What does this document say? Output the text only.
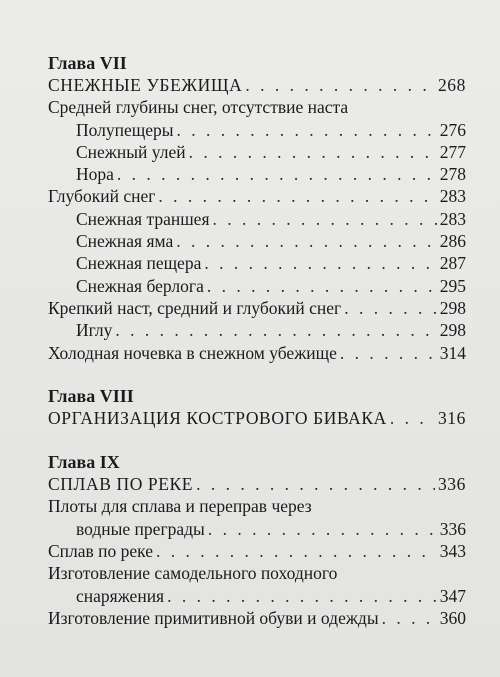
Глава VII
СНЕЖНЫЕ УБЕЖИЩА . . .	268
Средней глубины снег, отсутствие наста
Полупещеры . . .	276
Снежный улей . . .	277
Нора . . .	278
Глубокий снег . . .	283
Снежная траншея . . .	283
Снежная яма . . .	286
Снежная пещера . . .	287
Снежная берлога . . .	295
Крепкий наст, средний и глубокий снег . . .	298
Иглу . . .	298
Холодная ночевка в снежном убежище . . .	314
Глава VIII
ОРГАНИЗАЦИЯ КОСТРОВОГО БИВАКА . . .	316
Глава IX
СПЛАВ ПО РЕКЕ . . .	336
Плоты для сплава и переправ через
водные преграды . . .	336
Сплав по реке . . .	343
Изготовление самодельного походного
снаряжения . . .	347
Изготовление примитивной обуви и одежды . . .	360
